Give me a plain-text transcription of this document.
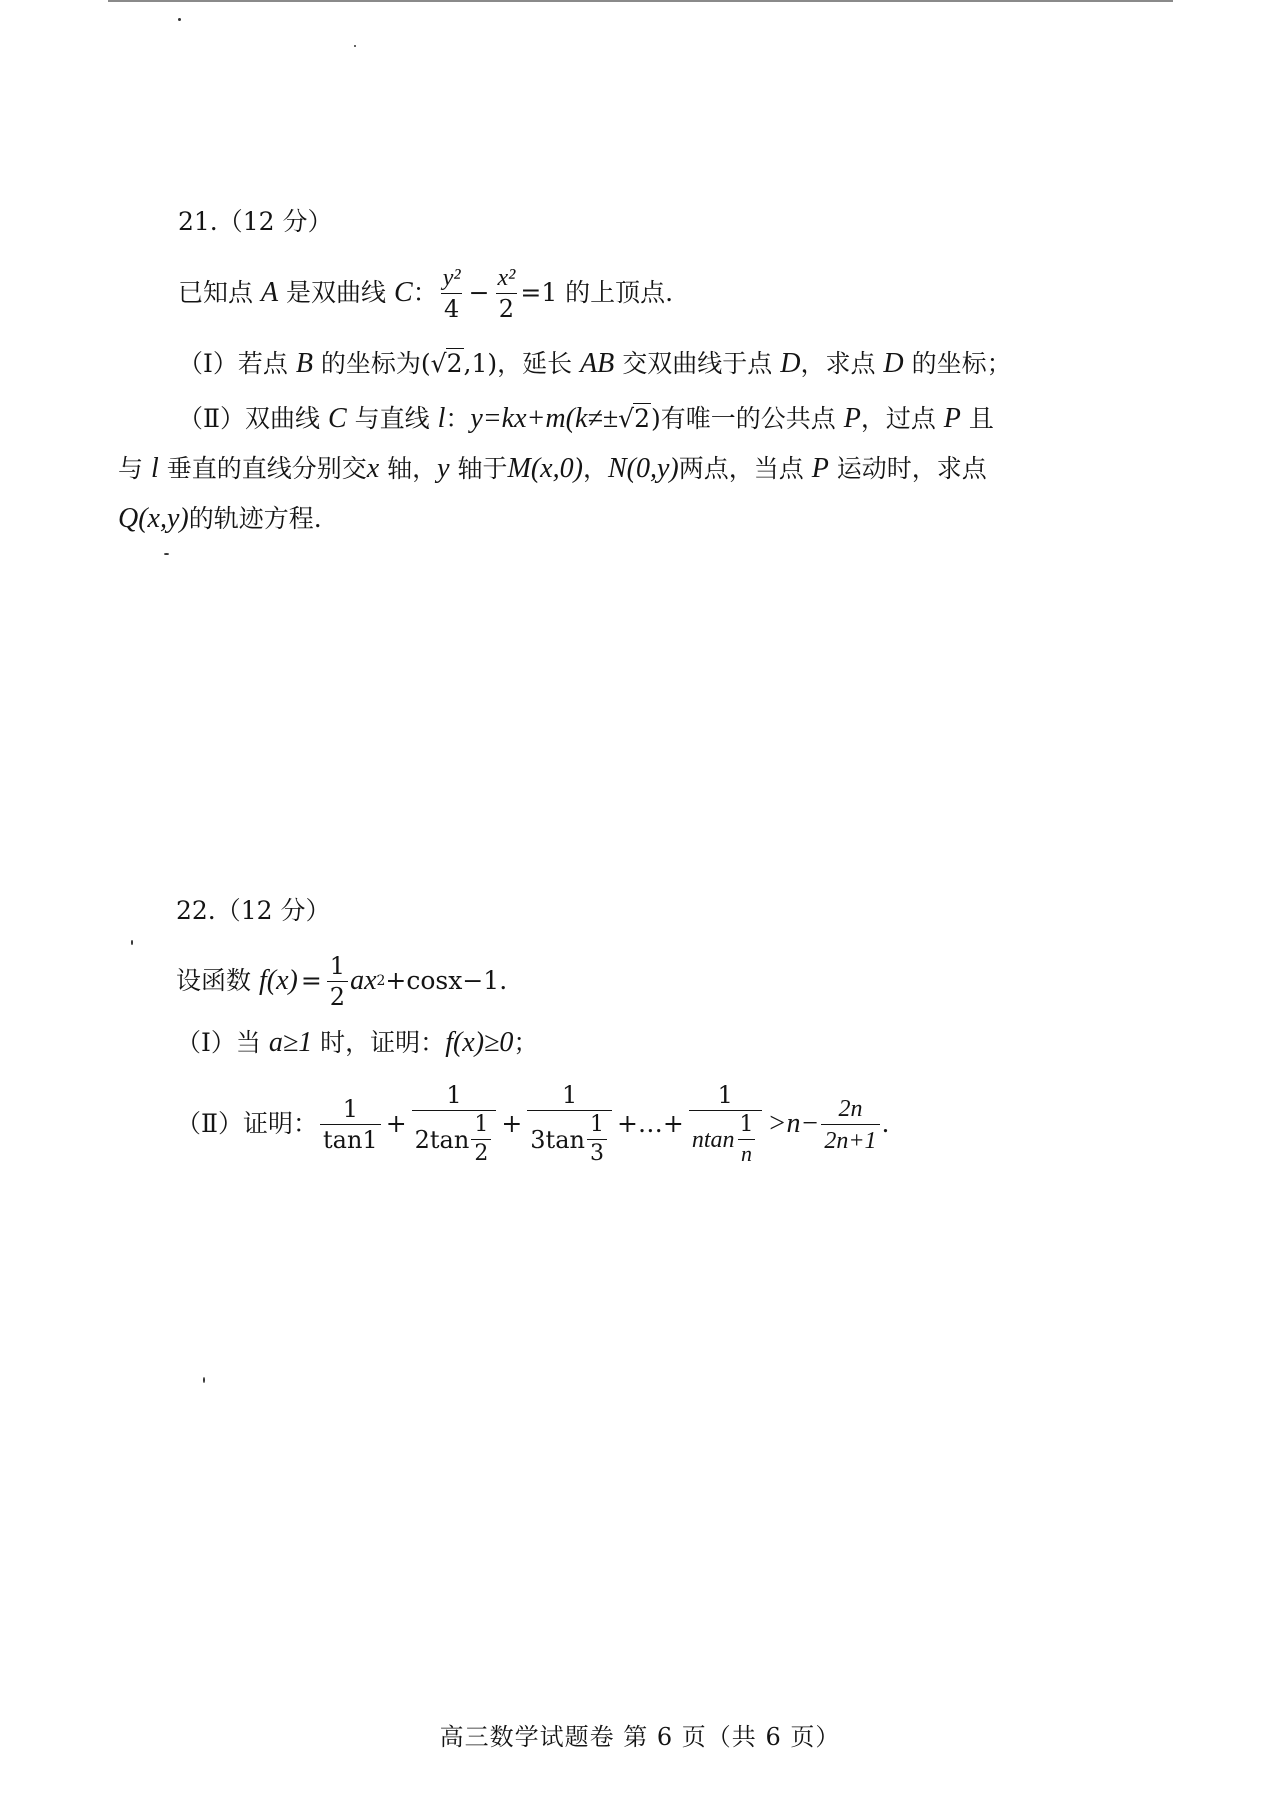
21.（12 分）
已知点
A
是双曲线
C ： $\frac{\text{y²}}{4} - \frac{\text{x²}}{2} =1$ 的上顶点.
（Ⅰ）若点 B 的坐标为(√2,1)，延长 AB 交双曲线于点 D，求点 D 的坐标；
（Ⅱ）双曲线 C 与直线 l：y=kx+m(k≠±√2)有唯一的公共点 P，过点 P 且
与 l 垂直的直线分别交x 轴，y 轴于M(x,0)，N(0,y)两点，当点 P 运动时，求点
Q(x,y)的轨迹方程.
22.（12 分）
设函数
$f(x) = \frac{1}{2}$ ax 2 +cosx−1.
（Ⅰ）当 a≥1 时，证明：f(x)≥0；
（Ⅱ）证明： $\frac{1}{\tan 1} + \frac{1}{2\tan \frac{1}{2}} + \frac{1}{3\tan \frac{1}{3}}$ +…+ $\frac{1}{ntan \frac{1}{n}} >n- \frac{2n}{2n+1}$ .
高三数学试题卷 第 6 页（共 6 页）
